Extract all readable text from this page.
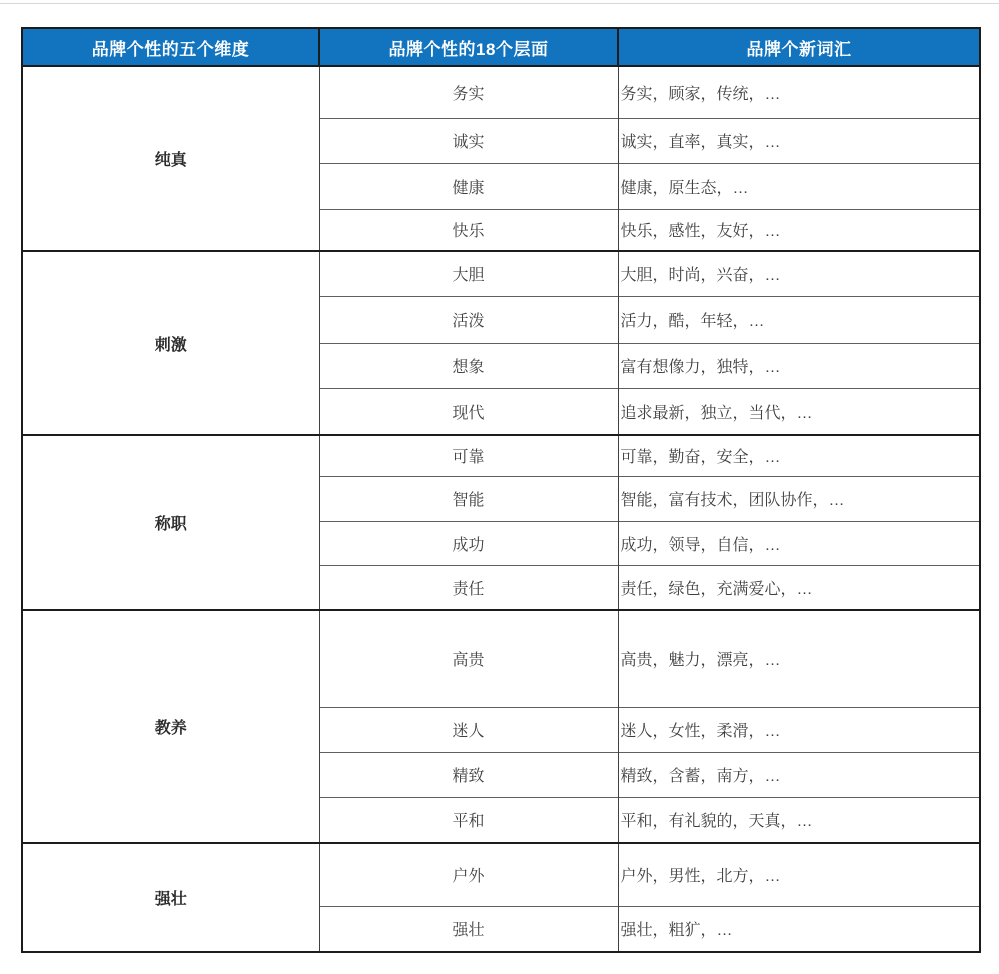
品牌个性的五个维度	品牌个性的18个层面	品牌个新词汇
纯真	务实	务实，顾家，传统，…
	诚实	诚实，直率，真实，…
	健康	健康，原生态，…
	快乐	快乐，感性，友好，…
刺激	大胆	大胆，时尚，兴奋，…
	活泼	活力，酷，年轻，…
	想象	富有想像力，独特，…
	现代	追求最新，独立，当代，…
称职	可靠	可靠，勤奋，安全，…
	智能	智能，富有技术，团队协作，…
	成功	成功，领导，自信，…
	责任	责任，绿色，充满爱心，…
教养	高贵	高贵，魅力，漂亮，…
	迷人	迷人，女性，柔滑，…
	精致	精致，含蓄，南方，…
	平和	平和，有礼貌的，天真，…
强壮	户外	户外，男性，北方，…
	强壮	强壮，粗犷，…
